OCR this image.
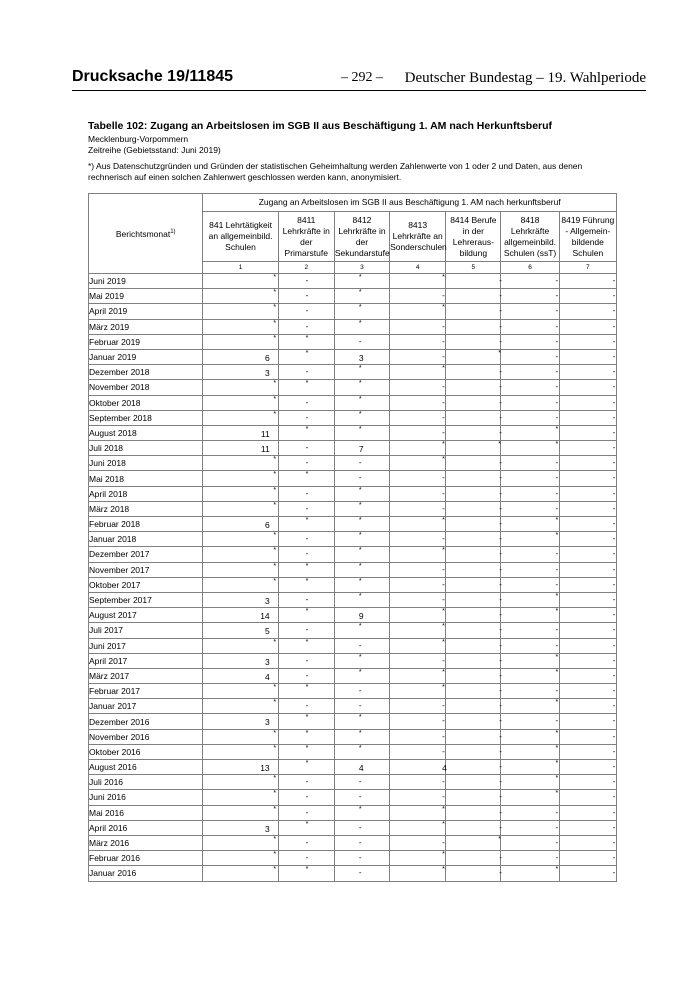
Drucksache 19/11845	– 292 –	Deutscher Bundestag – 19. Wahlperiode
Tabelle 102: Zugang an Arbeitslosen im SGB II aus Beschäftigung 1. AM nach Herkunftsberuf
Mecklenburg-Vorpommern
Zeitreihe (Gebietsstand: Juni 2019)
*) Aus Datenschutzgründen und Gründen der statistischen Geheimhaltung werden Zahlenwerte von 1 oder 2 und Daten, aus denen rechnerisch auf einen solchen Zahlenwert geschlossen werden kann, anonymisiert.
Berichtsmonat$^{1)}$	Zugang an Arbeitslosen im SGB II aus Beschäftigung 1. AM nach herkunftsberuf						
	841 Lehrtätigkeit an allgemeinbild. Schulen	8411 Lehrkräfte in der Primarstufe	8412 Lehrkräfte in der Sekundarstufe	8413 Lehrkräfte an Sonderschulen	8414 Berufe in der Lehreraus-bildung	8418 Lehrkräfte allgemeinbild. Schulen (ssT)	8419 Führung - Allgemein-bildende Schulen
	1	2	3	4	5	6	7
Juni 2019	*	-	*	*	-	-	-

Mai 2019	*	-	*	-	-	-	-

April 2019	*	-	*	*	-	-	-

März 2019	*	-	*	-	-	-	-

Februar 2019	*	*	-	-	-	-	-

Januar 2019	6	*	3	-	*	-	-

Dezember 2018	3	-	*	*	-	-	-

November 2018	*	*	*	-	-	-	-

Oktober 2018	*	-	*	-	-	-	-

September 2018	*	-	*	-	-	-	-

August 2018	11	*	*	-	-	*	-

Juli 2018	11	-	7	*	*	*	-

Juni 2018	*	-	-	*	-	-	-

Mai 2018	*	*	-	-	-	-	-

April 2018	*	-	*	-	-	-	-

März 2018	*	-	*	-	-	-	-

Februar 2018	6	*	*	*	-	*	-

Januar 2018	*	-	*	-	-	*	-

Dezember 2017	*	-	*	*	-	-	-

November 2017	*	*	*	-	-	-	-

Oktober 2017	*	*	*	-	-	-	-

September 2017	3	-	*	-	-	*	-

August 2017	14	*	9	*	-	*	-

Juli 2017	5	-	*	*	-	-	-

Juni 2017	*	*	-	*	-	-	-

April 2017	3	-	*	-	-	*	-

März 2017	4	-	*	*	-	*	-

Februar 2017	*	*	-	*	-	-	-

Januar 2017	*	-	-	-	-	*	-

Dezember 2016	3	*	*	-	-	-	-

November 2016	*	*	*	-	-	*	-

Oktober 2016	*	*	*	-	-	*	-

August 2016	13	*	4	4	-	*	-

Juli 2016	*	-	-	-	-	*	-

Juni 2016	*	-	-	-	-	*	-

Mai 2016	*	-	*	*	-	-	-

April 2016	3	*	-	*	-	-	-

März 2016	*	-	-	-	*	-	-

Februar 2016	*	-	-	*	-	-	-

Januar 2016	*	*	-	*	-	*	-
